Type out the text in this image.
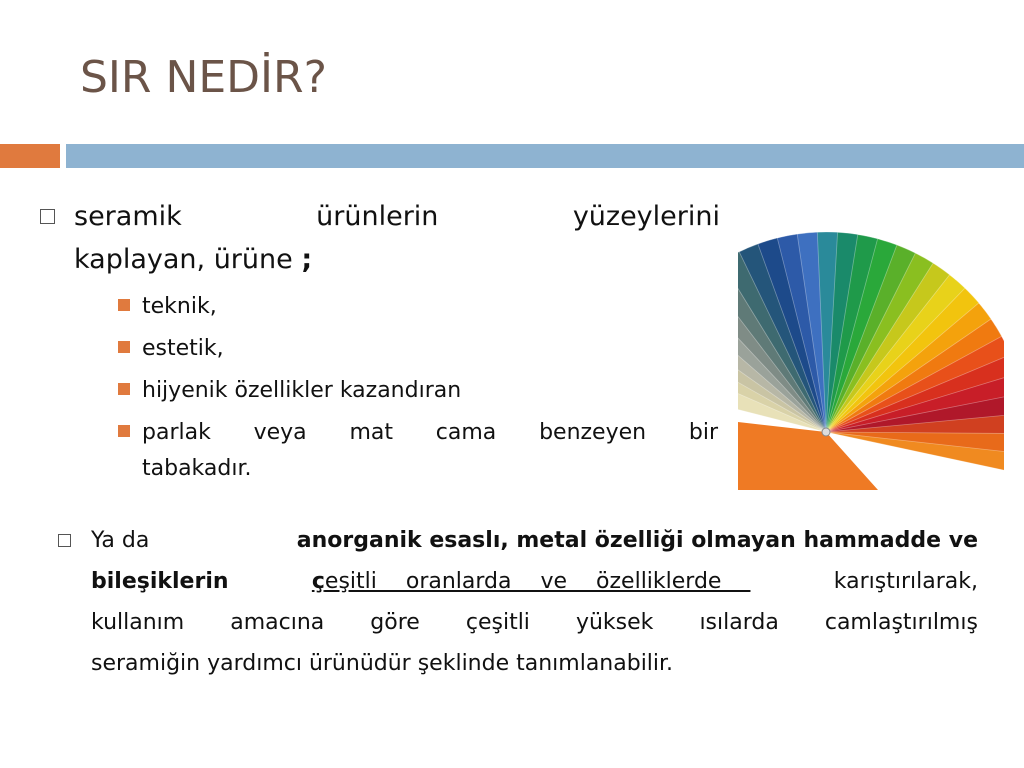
SIR NEDİR?
seramik	ürünlerin	yüzeylerini
kaplayan, ürüne ;
teknik,
estetik,
hijyenik özellikler kazandıran
parlak veya mat cama benzeyen bir
tabakadır.
Ya da	anorganik esaslı, metal özelliği olmayan hammadde ve
bileşiklerin	çeşitli oranlarda ve özelliklerde	karıştırılarak,
kullanım amacına göre çeşitli yüksek ısılarda camlaştırılmış
seramiğin yardımcı ürünüdür şeklinde tanımlanabilir.
